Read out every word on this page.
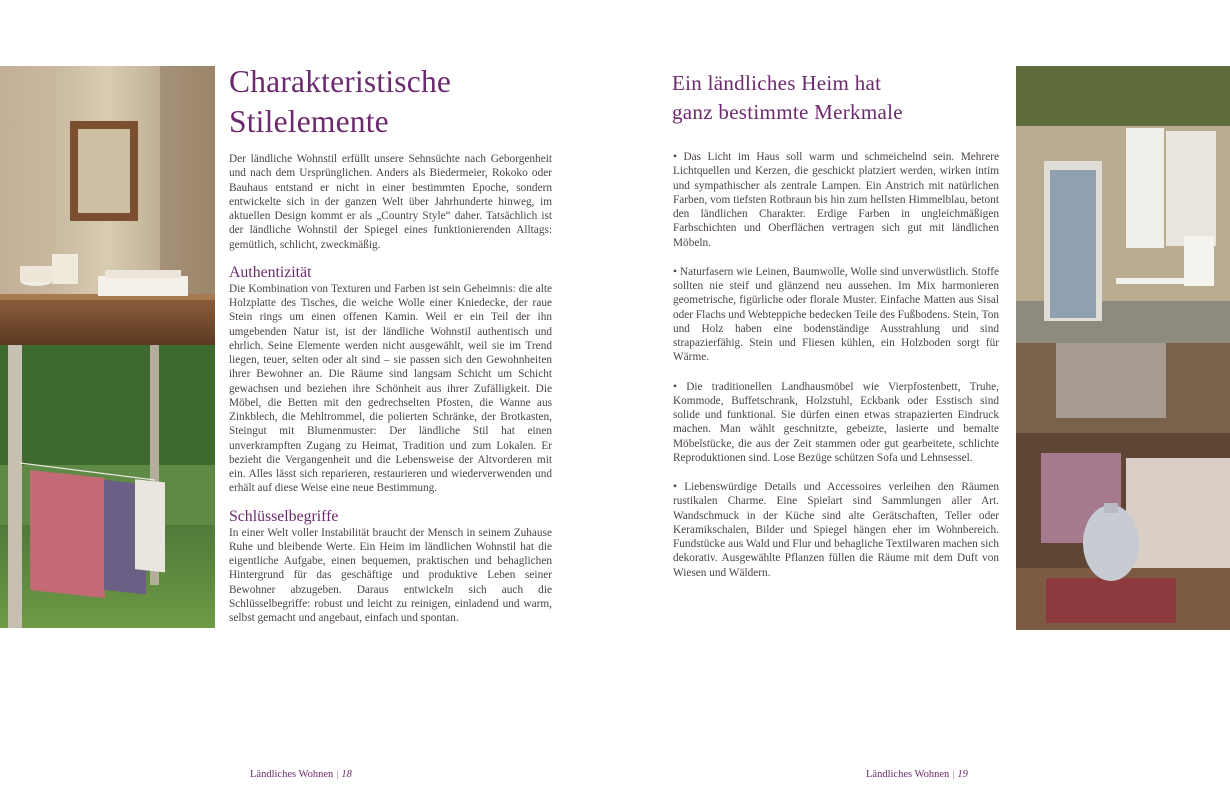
Charakteristische
Stilelemente

Der ländliche Wohnstil erfüllt unsere Sehnsüchte nach Geborgenheit und nach dem Ursprünglichen. Anders als Biedermeier, Rokoko oder Bauhaus entstand er nicht in einer bestimmten Epoche, sondern entwickelte sich in der ganzen Welt über Jahrhunderte hinweg, im aktuellen Design kommt er als „Country Style“ daher. Tatsächlich ist der ländliche Wohnstil der Spiegel eines funktionierenden Alltags: gemütlich, schlicht, zweckmäßig.

Authentizität

Die Kombination von Texturen und Farben ist sein Geheimnis: die alte Holzplatte des Tisches, die weiche Wolle einer Kniedecke, der raue Stein rings um einen offenen Kamin. Weil er ein Teil der ihn umgebenden Natur ist, ist der ländliche Wohnstil authentisch und ehrlich. Seine Elemente werden nicht ausgewählt, weil sie im Trend liegen, teuer, selten oder alt sind – sie passen sich den Gewohnheiten ihrer Bewohner an. Die Räume sind langsam Schicht um Schicht gewachsen und beziehen ihre Schönheit aus ihrer Zufälligkeit. Die Möbel, die Betten mit den gedrechselten Pfosten, die Wanne aus Zinkblech, die Mehltrommel, die polierten Schränke, der Brotkasten, Steingut mit Blumenmuster: Der ländliche Stil hat einen unverkrampften Zugang zu Heimat, Tradition und zum Lokalen. Er bezieht die Vergangenheit und die Lebensweise der Altvorderen mit ein. Alles lässt sich reparieren, restaurieren und wiederverwenden und erhält auf diese Weise eine neue Bestimmung.

Schlüsselbegriffe

In einer Welt voller Instabilität braucht der Mensch in seinem Zuhause Ruhe und bleibende Werte. Ein Heim im ländlichen Wohnstil hat die eigentliche Aufgabe, einen bequemen, praktischen und behaglichen Hintergrund für das geschäftige und produktive Leben seiner Bewohner abzugeben. Daraus entwickeln sich auch die Schlüsselbegriffe: robust und leicht zu reinigen, einladend und warm, selbst gemacht und angebaut, einfach und spontan.

Ländliches Wohnen | 18
Ein ländliches Heim hat
ganz bestimmte Merkmale

• Das Licht im Haus soll warm und schmeichelnd sein. Mehrere Lichtquellen und Kerzen, die geschickt platziert werden, wirken intim und sympathischer als zentrale Lampen. Ein Anstrich mit natürlichen Farben, vom tiefsten Rotbraun bis hin zum hellsten Himmelblau, betont den ländlichen Charakter. Erdige Farben in ungleichmäßigen Farbschichten und Oberflächen vertragen sich gut mit ländlichen Möbeln.

• Naturfasern wie Leinen, Baumwolle, Wolle sind unverwüstlich. Stoffe sollten nie steif und glänzend neu aussehen. Im Mix harmonieren geometrische, figürliche oder florale Muster. Einfache Matten aus Sisal oder Flachs und Webteppiche bedecken Teile des Fußbodens. Stein, Ton und Holz haben eine bodenständige Ausstrahlung und sind strapazierfähig. Stein und Fliesen kühlen, ein Holzboden sorgt für Wärme.

• Die traditionellen Landhausmöbel wie Vierpfostenbett, Truhe, Kommode, Buffetschrank, Holzstuhl, Eckbank oder Esstisch sind solide und funktional. Sie dürfen einen etwas strapazierten Eindruck machen. Man wählt geschnitzte, gebeizte, lasierte und bemalte Möbelstücke, die aus der Zeit stammen oder gut gearbeitete, schlichte Reproduktionen sind. Lose Bezüge schützen Sofa und Lehnsessel.

• Liebenswürdige Details und Accessoires verleihen den Räumen rustikalen Charme. Eine Spielart sind Sammlungen aller Art. Wandschmuck in der Küche sind alte Gerätschaften, Teller oder Keramikschalen, Bilder und Spiegel hängen eher im Wohnbereich. Fundstücke aus Wald und Flur und behagliche Textilwaren machen sich dekorativ. Ausgewählte Pflanzen füllen die Räume mit dem Duft von Wiesen und Wäldern.

Ländliches Wohnen | 19
